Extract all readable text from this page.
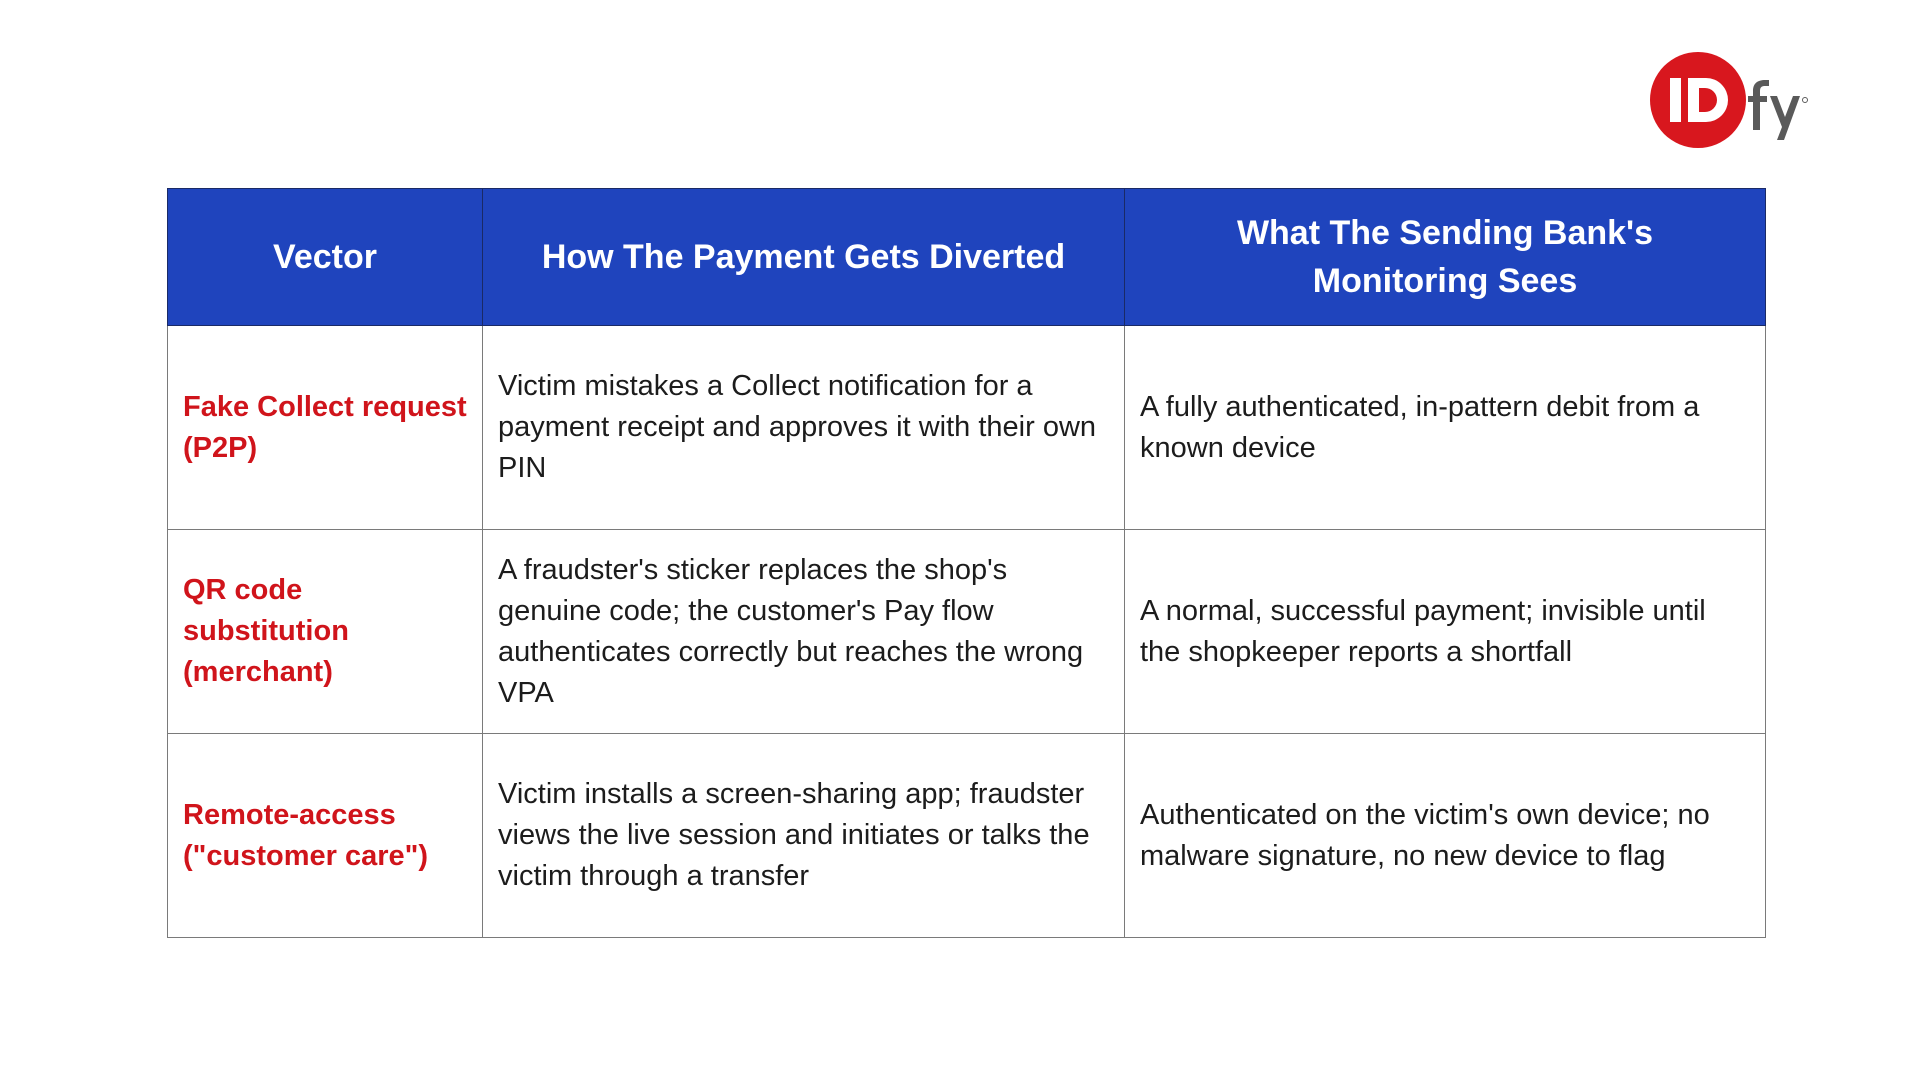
Vector	How The Payment Gets Diverted	What The Sending Bank's Monitoring Sees
Fake Collect request (P2P)	Victim mistakes a Collect notification for a payment receipt and approves it with their own PIN	A fully authenticated, in-pattern debit from a known device
QR code substitution (merchant)	A fraudster's sticker replaces the shop's genuine code; the customer's Pay flow authenticates correctly but reaches the wrong VPA	A normal, successful payment; invisible until the shopkeeper reports a shortfall
Remote-access ("customer care")	Victim installs a screen-sharing app; fraudster views the live session and initiates or talks the victim through a transfer	Authenticated on the victim's own device; no malware signature, no new device to flag
